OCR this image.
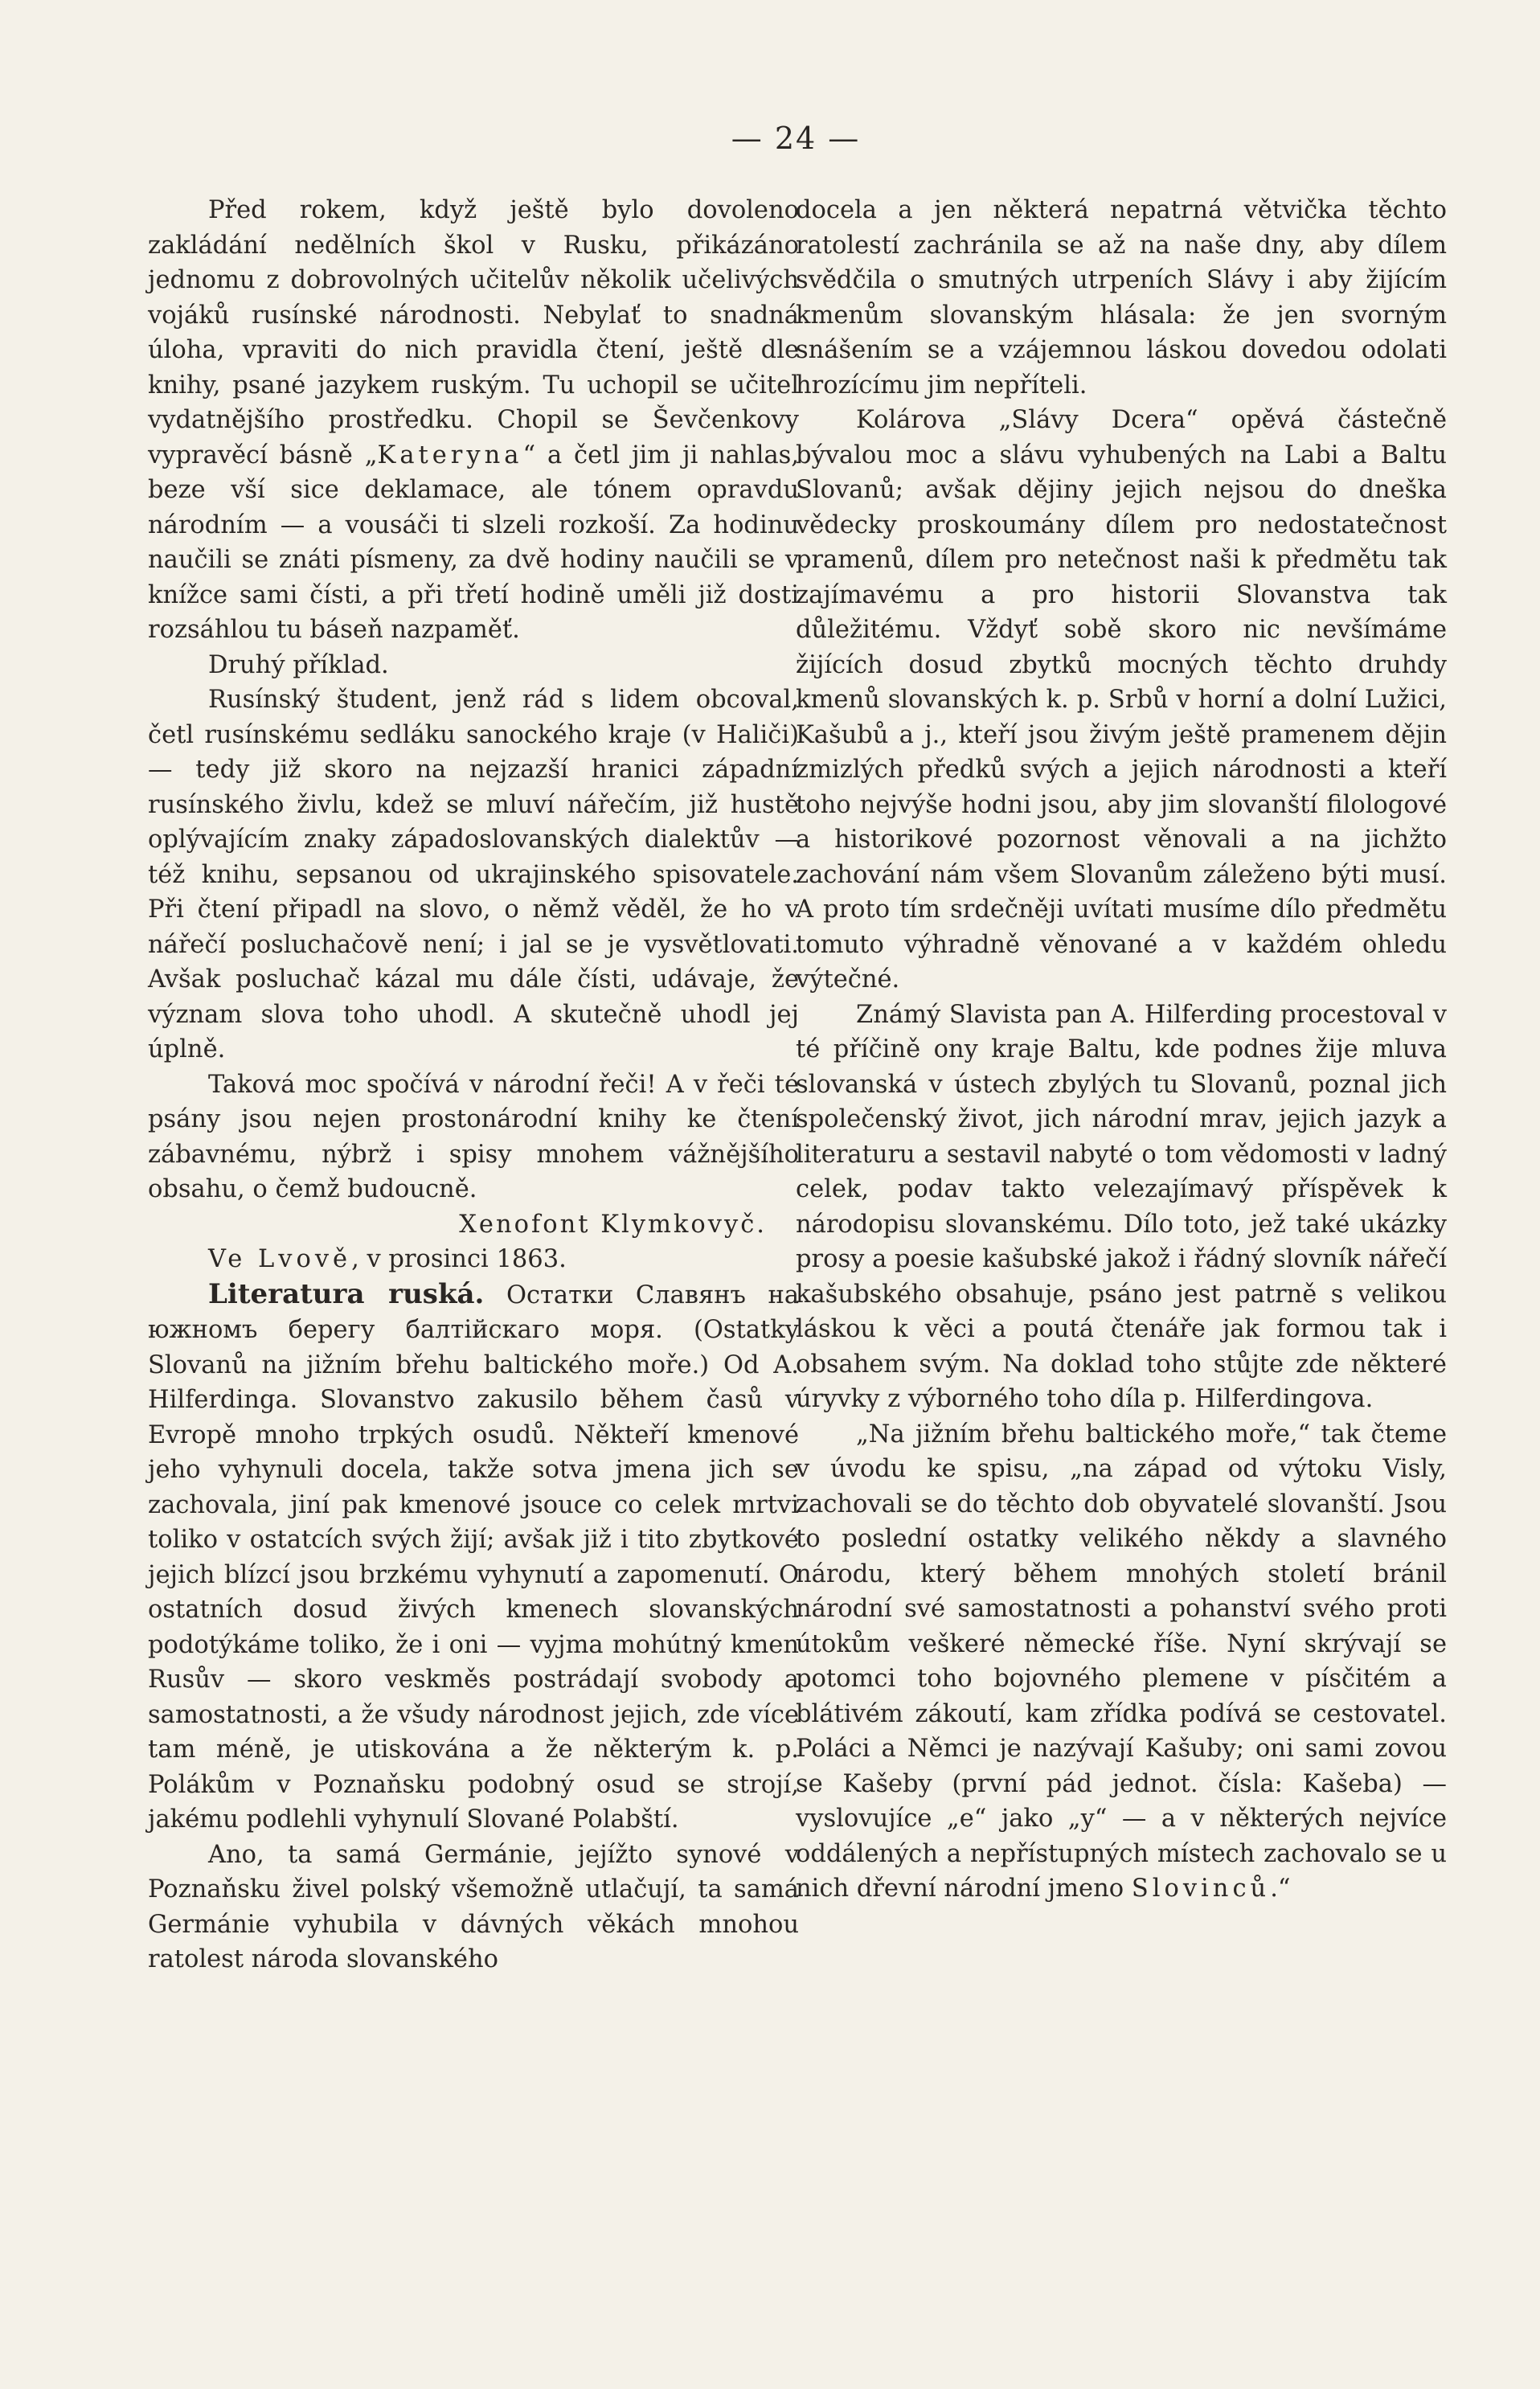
— 24 —

Před rokem, když ještě bylo dovoleno zakládání nedělních škol v Rusku, přikázáno jednomu z dobrovolných učitelův několik učelivých vojáků rusínské národnosti. Nebylať to snadná úloha, vpraviti do nich pravidla čtení, ještě dle knihy, psané jazykem ruským. Tu uchopil se učitel vydatnějšího prostředku. Chopil se Ševčenkovy vypravěcí básně „Kateryna“ a četl jim ji nahlas, beze vší sice deklamace, ale tónem opravdu národním — a vousáči ti slzeli rozkoší. Za hodinu naučili se znáti písmeny, za dvě hodiny naučili se v knížce sami čísti, a při třetí hodině uměli již dosti rozsáhlou tu báseň nazpaměť.

Druhý příklad.

Rusínský študent, jenž rád s lidem obcoval, četl rusínskému sedláku sanockého kraje (v Haliči) — tedy již skoro na nejzazší hranici západní rusínského živlu, kdež se mluví nářečím, již hustě oplývajícím znaky západoslovanských dialektův — též knihu, sepsanou od ukrajinského spisovatele. Při čtení připadl na slovo, o němž věděl, že ho v nářečí posluchačově není; i jal se je vysvětlovati. Avšak posluchač kázal mu dále čísti, udávaje, že význam slova toho uhodl. A skutečně uhodl jej úplně.

Taková moc spočívá v národní řeči! A v řeči té psány jsou nejen prostonárodní knihy ke čtení zábavnému, nýbrž i spisy mnohem vážnějšího obsahu, o čemž budoucně.

Xenofont Klymkovyč.

Ve Lvově, v prosinci 1863.

Literatura ruská. Остатки Славянъ на южномъ берегу балтійскаго моря. (Ostatky Slovanů na jižním břehu baltického moře.) Od A. Hilferdinga. Slovanstvo zakusilo během časů v Evropě mnoho trpkých osudů. Někteří kmenové jeho vyhynuli docela, takže sotva jmena jich se zachovala, jiní pak kmenové jsouce co celek mrtvi toliko v ostatcích svých žijí; avšak již i tito zbytkové jejich blízcí jsou brzkému vyhynutí a zapomenutí. O ostatních dosud živých kmenech slovanských podotýkáme toliko, že i oni — vyjma mohútný kmen Rusův — skoro veskměs postrádají svobody a samostatnosti, a že všudy národnost jejich, zde více tam méně, je utiskována a že některým k. p. Polákům v Poznaňsku podobný osud se strojí, jakému podlehli vyhynulí Slované Polabští.

Ano, ta samá Germánie, jejížto synové v Poznaňsku živel polský všemožně utlačují, ta samá Germánie vyhubila v dávných věkách mnohou ratolest národa slovanského

docela a jen některá nepatrná větvička těchto ratolestí zachránila se až na naše dny, aby dílem svědčila o smutných utrpeních Slávy i aby žijícím kmenům slovanským hlásala: že jen svorným snášením se a vzájemnou láskou dovedou odolati hrozícímu jim nepříteli.

Kolárova „Slávy Dcera“ opěvá částečně bývalou moc a slávu vyhubených na Labi a Baltu Slovanů; avšak dějiny jejich nejsou do dneška vědecky proskoumány dílem pro nedostatečnost pramenů, dílem pro netečnost naši k předmětu tak zajímavému a pro historii Slovanstva tak důležitému. Vždyť sobě skoro nic nevšímáme žijících dosud zbytků mocných těchto druhdy kmenů slovanských k. p. Srbů v horní a dolní Lužici, Kašubů a j., kteří jsou živým ještě pramenem dějin zmizlých předků svých a jejich národnosti a kteří toho nejvýše hodni jsou, aby jim slovanští filologové a historikové pozornost věnovali a na jichžto zachování nám všem Slovanům záleženo býti musí. A proto tím srdečněji uvítati musíme dílo předmětu tomuto výhradně věnované a v každém ohledu výtečné.

Známý Slavista pan A. Hilferding procestoval v té příčině ony kraje Baltu, kde podnes žije mluva slovanská v ústech zbylých tu Slovanů, poznal jich společenský život, jich národní mrav, jejich jazyk a literaturu a sestavil nabyté o tom vědomosti v ladný celek, podav takto velezajímavý příspěvek k národopisu slovanskému. Dílo toto, jež také ukázky prosy a poesie kašubské jakož i řádný slovník nářečí kašubského obsahuje, psáno jest patrně s velikou láskou k věci a poutá čtenáře jak formou tak i obsahem svým. Na doklad toho stůjte zde některé úryvky z výborného toho díla p. Hilferdingova.

„Na jižním břehu baltického moře,“ tak čteme v úvodu ke spisu, „na západ od výtoku Visly, zachovali se do těchto dob obyvatelé slovanští. Jsou to poslední ostatky velikého někdy a slavného národu, který během mnohých století bránil národní své samostatnosti a pohanství svého proti útokům veškeré německé říše. Nyní skrývají se potomci toho bojovného plemene v písčitém a blátivém zákoutí, kam zřídka podívá se cestovatel. Poláci a Němci je nazývají Kašuby; oni sami zovou se Kašeby (první pád jednot. čísla: Kašeba) — vyslovujíce „e“ jako „y“ — a v některých nejvíce oddálených a nepřístupných místech zachovalo se u nich dřevní národní jmeno Slovinců.“
